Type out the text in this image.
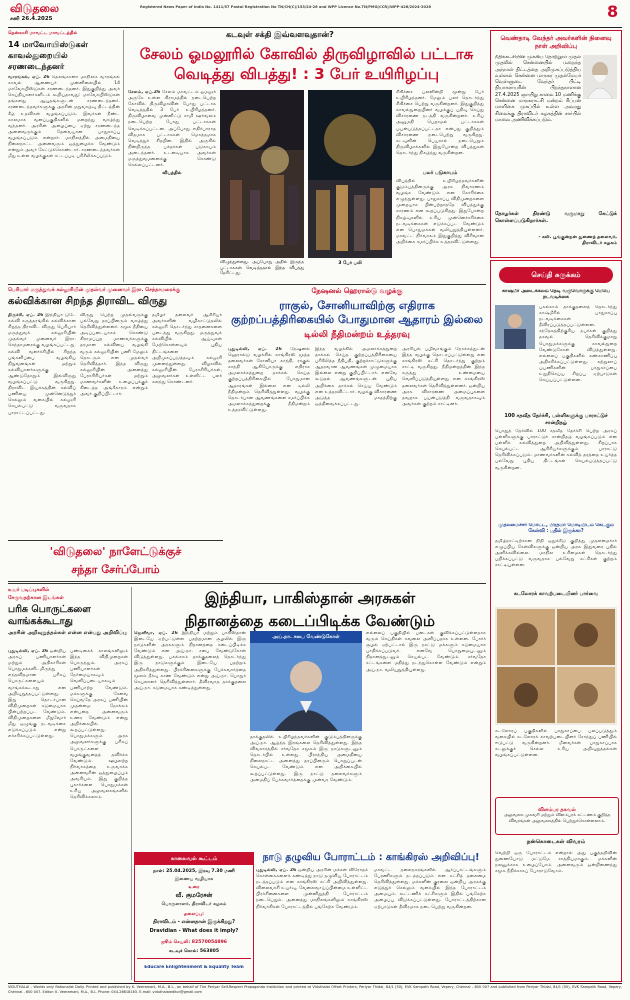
விடுதலை
சனி 26.4.2025
Registered News Paper of India No. 1411/57 Postal Registration No TN/CH(C)/153/24-26 and WPP Licence No.TN/PMG(CCR)/WPP-426/2024-2026	8
தென்காசி மாவட்ட மாவட்டத்தில்
14 மாவோயிஸ்டுகள் காவல்துறையில் சரணடைந்தனர்
வாரங்கல், ஏப். 26 தெலங்கானா மாநிலம் வாரங்கல் காவல் ஆணையர் முன்னிலையில் 14 மாவோயிஸ்டுகள் சரணடைந்தனர். இதுகுறித்து அவர் செய்தியாளர்களிடம் கூறியதாவது: மாவோயிஸ்டுகள் தங்களது ஆயுதங்களுடன் சரணடைந்தனர். சரணடைந்தவர்களுக்கு அரசின் மறுவாழ்வு திட்டத்தின் கீழ் உதவிகள் வழங்கப்படும். இவர்கள் நீண்ட காலமாக வனப்பகுதிகளில் மறைந்து வாழ்ந்து வந்தனர். அரசின் அழைப்பை ஏற்று சரணடைந்த அனைவருக்கும் தேவையான பாதுகாப்பு வழங்கப்படும் என்றார். மாநிலத்தில் அமைதியை நிலைநாட்ட அனைவரும் ஒத்துழைக்க வேண்டும் என்றும் அவர் கேட்டுக்கொண்டார். சரணடைந்தவர்கள் மீது உள்ள வழக்குகள் சட்டப்படி பரிசீலிக்கப்படும்.
கடவுள் சக்தி இவ்வளவுதான்?
சேலம் ஓமலூரில் கோவில் திருவிழாவில் பட்டாசு வெடித்து விபத்து! : 3 பேர் உயிரிழப்பு
சேலம், ஏப்.26 சேலம் மாவட்டம் ஓமலூர் அருகே உள்ள கிராமத்தில் நடைபெற்ற கோவில் திருவிழாவின் போது பட்டாசு வெடித்ததில் 3 பேர் உயிரிழந்தனர். திருவிழாவை முன்னிட்டு சாமி ஊர்வலம் நடைபெற்ற போது பட்டாசுகள் வெடிக்கப்பட்டன. அப்போது எதிர்பாராத விதமாக பட்டாசுகள் மொத்தமாக வெடித்துச் சிதறின. இதில் அருகில் நின்றிருந்த பக்தர்கள் படுகாயம் அடைந்தனர். உடனடியாக அவர்கள் மருத்துவமனைக்கு கொண்டு செல்லப்பட்டனர்.

விபத்தில்
விழுந்துள்ளது. அப்போது அதில் இருந்த பட்டாசுகள் வெடித்ததால் இந்த விபத்து நேரிட்டது.
3 பேர் பலி
சிகிச்சை பலனின்றி மூன்று பேர் உயிரிழந்தனர். மேலும் பலர் தொடர்ந்து சிகிச்சை பெற்று வருகின்றனர். இதுகுறித்து காவல்துறையினர் வழக்குப் பதிவு செய்து விசாரணை நடத்தி வருகின்றனர். உரிய அனுமதி பெறாமல் பட்டாசுகள் பயன்படுத்தப்பட்டதா என்பது குறித்தும் விசாரணை நடைபெற்று வருகிறது. கடவுளின் பெயரால் நடைபெறும் திருவிழாக்களில் இதுபோன்ற விபத்துகள் தொடர்ந்து நிகழ்ந்து வருகின்றன.
பலர் படுகாயம்
விபத்தில் உயிரிழந்தவர்களின் குடும்பத்தினருக்கு அரசு நிவாரணம் வழங்க வேண்டும் என கோரிக்கை எழுந்துள்ளது. பாதுகாப்பு விதிமுறைகளை முறையாக பின்பற்றாததே விபத்துக்கு காரணம் என கூறப்படுகிறது. இதுபோன்ற நிகழ்வுகளில் உரிய முன்னெச்சரிக்கை நடவடிக்கைகள் எடுக்கப்பட வேண்டும் என பொதுமக்கள் வலியுறுத்தியுள்ளனர். மாவட்ட நிர்வாகம் இதுகுறித்து விரிவான அறிக்கை சமர்ப்பிக்க உத்தரவிட்டுள்ளது.
வெண்தாடி வேந்தர் அவர்களின் நினைவு நாள் அறிவிப்பு
நீதிக்கட்சியின் முக்கிய தோற்றுநர் முதல் முதலில் சென்னையில் மறைந்த அந்நாள் திட்டத்தை அறிமுகப்படுத்திய வள்ளல் சென்னை மாநகர முதல்மேயர் வெள்ளுடை வேந்தர் பிட்டி தியாகராயரின் பிறந்தநாளான 27.4.2025 ஞாயிறு காலை 10 மணிக்கு சென்னை மாநகராட்சி மன்றம் ரிப்பன் மாளிகை முகப்பில் உள்ள அவரது சிலைக்கு திராவிடர் கழகத்தின் சார்பில் மாலை அணிவிக்கப்படும்.
தோழர்கள் திரண்டு வருமாறு கேட்டுக் கொள்ளப்படுகிறார்கள்.
- கலி. பூங்குன்றன் துணைத் தலைவர், திராவிடர் கழகம்
பெரியார் மருத்துவக் கல்லூரியின் முதல்வர் முனைவர் இரா. செந்தாமரைக்கு
கல்விக்கான சிறந்த திராவிட விருது
திருச்சி, ஏப். 26 இந்தியா டுடே கல்வி கருத்தரங்கில் கல்விக்கான சிறந்த திராவிட விருது பெரியார் மருத்துவக் கல்லூரியின் முதல்வர் முனைவர் இரா. செந்தாமரைக்கு வழங்கப்பட்டது. கல்வி வளர்ச்சியில் சிறந்த பங்களிப்பை வழங்கிய நிறுவனங்கள் மற்றும் கல்வியாளர்களுக்கு ஆண்டுதோறும் இவ்விருது வழங்கப்பட்டு வருகிறது. திராவிட இயக்கத்தின் கல்விப் பணியை முன்னெடுத்துச் செல்லும் வகையில் கல்லூரி செயல்பட்டு வருவதாக பாராட்டப்பட்டது.
விருது பெற்ற முதல்வருக்கு பல்வேறு தரப்பினரும் வாழ்த்து தெரிவித்துள்ளனர். சமூக நீதியை அடிப்படையாகக் கொண்டு கிராமப்புற மாணவர்களுக்கு தரமான கல்வியை வழங்கி வரும் கல்லூரியின் பணி மேலும் தொடரும் என முதல்வர் தெரிவித்தார். இந்த விருது கல்லூரியின் அனைத்து பேராசிரியர்கள் மற்றும் மாணவர்களின் உழைப்புக்குக் கிடைத்த அங்கீகாரம் என்றும் அவர் குறிப்பிட்டார்.
தமிழர் தலைவர் ஆசிரியர் அவர்களின் வழிகாட்டுதலில் கல்லூரி தொடர்ந்து சாதனைகளை படைத்து வருகிறது. மருத்துவக் கல்வியில் ஆய்வுகள் மேற்கொள்ளவும் புதிய திட்டங்களை அறிமுகப்படுத்தவும் கல்லூரி முனைந்துள்ளது. விழாவில் கல்லூரியின் பேராசிரியர்கள், அலுவலர்கள் உள்ளிட்ட பலர் கலந்து கொண்டனர்.
'விடுதலை' நாளேட்டுக்குச்
சந்தா சேர்ப்போம்
நேஷனல் ஹெரால்டு வழக்கு
ராகுல், சோனியாவிற்கு எதிராக குற்றப்பத்திரிகையில் போதுமான ஆதாரம் இல்லை
டில்லி நீதிமன்றம் உத்தரவு
புதுடில்லி, ஏப். 26 நேஷனல் ஹெரால்டு வழக்கில் காங்கிரஸ் மூத்த தலைவர்கள் சோனியா காந்தி, ராகுல் காந்தி ஆகியோருக்கு எதிராக அமலாக்கத்துறை தாக்கல் செய்த குற்றப்பத்திரிகையில் போதுமான ஆதாரங்கள் இல்லை என டில்லி நீதிமன்றம் தெரிவித்துள்ளது. வழக்கு தொடர்பான ஆவணங்களை சமர்ப்பிக்க அமலாக்கத்துறைக்கு நீதிமன்றம் உத்தரவிட்டுள்ளது.
இந்த வழக்கில் அமலாக்கத்துறை தாக்கல் செய்த குற்றப்பத்திரிகையை பரிசீலித்த நீதிபதி, குற்றச்சாட்டுகளுக்கு ஆதரவான ஆவணங்கள் முழுமையாக இல்லை என்று குறிப்பிட்டார். எனவே கூடுதல் ஆவணங்களுடன் புதிய அறிக்கை தாக்கல் செய்ய வேண்டும் என உத்தரவிட்டார். வழக்கு விசாரணை அடுத்த மாதத்திற்கு ஒத்திவைக்கப்பட்டது.
அரசியல் பழிவாங்கும் நோக்கத்துடன் இந்த வழக்கு தொடரப்பட்டுள்ளது என காங்கிரஸ் கட்சி தொடர்ந்து குற்றம் சாட்டி வருகிறது. நீதிமன்றத்தின் இந்த கருத்து உண்மையை வெளிப்படுத்தியுள்ளது என காங்கிரஸ் தலைவர்கள் தெரிவித்துள்ளனர். ஒன்றிய அரசு விசாரணை அமைப்புகளை தவறாக பயன்படுத்தி வருவதாகவும் அவர்கள் குற்றம் சாட்டினர்.
செய்தி சுருக்கம்
காஷ்மீர் அடைக்கலம் தேடி வருவோருக்கு மேயே நடவடிக்கை
பகல்காம் தாக்குதலைத் தொடர்ந்து காஷ்மீரில் பாதுகாப்பு நடவடிக்கைகள் தீவிரப்படுத்தப்பட்டுள்ளன. சந்தேகத்திற்குரிய நபர்கள் குறித்து தகவல் தெரிவிக்குமாறு பொதுமக்களுக்கு காவல்துறை வேண்டுகோள் விடுத்துள்ளது. எல்லைப் பகுதிகளில் கண்காணிப்பு அதிகரிக்கப்பட்டுள்ளது. சுற்றுலாப் பயணிகளின் பாதுகாப்பை உறுதிசெய்ய சிறப்பு ஏற்பாடுகள் செய்யப்பட்டுள்ளன.
100 சதவீத தேர்ச்சி, பள்ளிகளுக்கு பாராட்டுச் சான்றிதழ்
பொதுத் தேர்வில் 100 சதவீத தேர்ச்சி பெற்ற அரசுப் பள்ளிகளுக்கு பாராட்டுச் சான்றிதழ் வழங்கப்படும் என பள்ளிக் கல்வித்துறை அறிவித்துள்ளது. சிறப்பாக செயல்பட்ட ஆசிரியர்களுக்கும் பாராட்டு தெரிவிக்கப்படும். மாணவர்களின் கல்வித் தரத்தை உயர்த்த பல்வேறு புதிய திட்டங்கள் செயல்படுத்தப்பட்டு வருகின்றன.
முதலமைச்சர் மோட்ட, பிரதமர் மோடியிடம் கேட்கும் கேள்வி : பதில் இருக்கா?
தமிழ்நாட்டிற்கான நிதி ஒதுக்கீடு குறித்து முதலமைச்சர் எழுப்பிய கேள்விகளுக்கு ஒன்றிய அரசு இதுவரை பதில் அளிக்கவில்லை. மாநில உரிமைகள் தொடர்ந்து பறிக்கப்பட்டு வருவதாக பல்வேறு கட்சிகள் குற்றம் சாட்டியுள்ளன.
கடலோரக் காவற்படையினர் பார்வை
கடலோரப் பகுதிகளில் பாதுகாப்பை பலப்படுத்தும் வகையில் கடலோரக் காவற்படையினர் ரோந்துப் பணியில் ஈடுபட்டு வருகின்றனர். மீனவர்கள் பாதுகாப்பாக கடலுக்குச் செல்ல உரிய அறிவுறுத்தல்கள் வழங்கப்பட்டுள்ளன.
விளம்பர தகவல்
அலுவலக முகவரி மற்றும் விளம்பரக் கட்டணம் குறித்த விவரங்கள் அலுவலகத்தில் பெற்றுக்கொள்ளலாம்.
நன்கொடைகள் விவரம்
வெற்றி ஒரு போராட்டம் என்றால் அது பகுத்தறிவின் துணையோடு மட்டுமே சாத்தியமாகும். மக்களின் நலனுக்காக உழைப்போம். அனைவரும் ஒன்றிணைந்து சமூக நீதிக்காகப் போராடுவோம்.
உயர் படிப்புகளில்
சேருவதற்கான இடங்கள்
பரிசு பொருட்களை வாங்கக்கூடாது
அரசின் அறிவுறுத்தல்கள் என்ன என்பது அறிவிப்பு
புதுடில்லி, ஏப். 26 ஒன்றிய அரசுப் பணியாளர்கள் மற்றும் அதிகாரிகள் பொதுமக்களிடமிருந்து எந்தவிதமான பரிசுப் பொருட்களையும் வாங்கக்கூடாது என அறிவுறுத்தப்பட்டுள்ளது. இது தொடர்பான விதிமுறைகள் கடுமையாக பின்பற்றப்பட வேண்டும். விதிமுறைகளை மீறுவோர் மீது ஒழுங்கு நடவடிக்கை எடுக்கப்படும் என்று எச்சரிக்கப்பட்டுள்ளது.
பண்டிகைக் காலங்களிலும் இந்த விதிமுறைகள் பொருந்தும். அரசுப் பணியாளர்கள் நேர்மையாகவும் வெளிப்படையாகவும் பணியாற்ற வேண்டும். மக்களுக்கு சேவை செய்வதே அரசுப் பணியின் முதன்மை நோக்கம் என்பதை அனைவரும் உணர வேண்டும் என்று அறிக்கையில் கூறப்பட்டுள்ளது. பொதுமக்களும் அரசு அலுவலர்களுக்கு பரிசுப் பொருட்களை வழங்குவதைத் தவிர்க்க வேண்டும். ஊழலற்ற நிர்வாகத்தை உருவாக்க அனைவரின் ஒத்துழைப்பும் அவசியம். இது குறித்த புகார்களை பொதுமக்கள் உரிய அலுவலகங்களில் தெரிவிக்கலாம்.
இந்தியா, பாகிஸ்தான் அரசுகள்
நிதானத்தை கடைப்பிடிக்க வேண்டும்
ஜெனீவா, ஏப். 26 இந்தியா மற்றும் பாகிஸ்தான் இடையே ஏற்பட்டுள்ள பதற்றமான சூழலில் இரு நாடுகளின் அரசுகளும் நிதானத்தை கடைப்பிடிக்க வேண்டும் என அய்.நா. சபை வேண்டுகோள் விடுத்துள்ளது. பகல்காம் தாக்குதலைத் தொடர்ந்து இரு நாடுகளுக்கும் இடையே பதற்றம் அதிகரித்துள்ளது. பிரச்சினைகளுக்கு பேச்சுவார்த்தை மூலம் தீர்வு காண வேண்டும் என்று அய்.நா. பொதுச் செயலாளர் தெரிவித்துள்ளார். தீவிரவாத தாக்குதலை அய்.நா. கடுமையாக கண்டித்துள்ளது.
அய்.நா. சபை வேண்டுகோள்
தாக்குதலில் உயிரிழந்தவர்களின் குடும்பத்தினருக்கு அய்.நா. ஆழ்ந்த இரங்கலை தெரிவித்துள்ளது. இந்த விவகாரத்தில் சர்வதேச சமூகம் இரு நாடுகளுடனும் தொடர்பில் உள்ளது. பிராந்திய அமைதியை நிலைநாட்ட அனைத்து தரப்பினரும் பொறுப்புடன் செயல்பட வேண்டும் என அறிக்கையில் கூறப்பட்டுள்ளது. இரு நாட்டு தலைவர்களும் அமைதிப் பேச்சுவார்த்தைக்கு முன்வர வேண்டும்.
எல்லைப் பகுதியில் படைகள் குவிக்கப்பட்டுள்ளதாக வரும் செய்திகள் கவலை அளிப்பதாக உள்ளன. போர்ச் சூழல் ஏற்பட்டால் இரு நாட்டு மக்களும் கடுமையாக பாதிக்கப்படுவர். எனவே பொறுமையுடனும் நிதானத்துடனும் செயல்பட வேண்டும். சர்வதேச சட்டங்களை மதித்து நடந்துகொள்ள வேண்டும் என்றும் அய்.நா. வலியுறுத்தியுள்ளது.
காலைவல் கூட்டம்
நாள்: 25.04.2025, இரவு 7.30 மணி
இணைய வழியாக
உரை
வீ. குமரேசன்
பொருளாளர், திராவிடர் கழகம்
தலைப்பு:
திராவிடம் - என்னதான் இருக்கிறது?
Dravidian - What does it imply?
ஜூம் செயலி: 82570054896
கடவுச் சொல்: 563805
Educare Enlightenment & Equality Team
நாடு தழுவிய போராட்டம் : காங்கிரஸ் அறிவிப்பு!
புதுடில்லி, ஏப். 26 ஒன்றிய அரசின் மக்கள் விரோதக் கொள்கைகளைக் கண்டித்து நாடு தழுவிய போராட்டம் நடத்தப்படும் என காங்கிரஸ் கட்சி அறிவித்துள்ளது. விலைவாசி உயர்வு, வேலைவாய்ப்பின்மை உள்ளிட்ட பிரச்சினைகளை முன்னிறுத்தி போராட்டம் நடைபெறும். அனைத்து மாநிலங்களிலும் காங்கிரஸ் நிர்வாகிகள் போராட்டத்தில் பங்கேற்க வேண்டும்.
மாவட்ட தலைநகரங்களில் ஆர்ப்பாட்டங்களும் பேரணிகளும் நடத்தப்படும் என கட்சித் தலைமை தெரிவித்துள்ளது. மக்களின் குரலை ஒன்றிய அரசுக்கு எடுத்துச் செல்லும் வகையில் இந்த போராட்டம் அமையும். கூட்டணிக் கட்சிகளும் இதில் பங்கேற்க அழைப்பு விடுக்கப்பட்டுள்ளது. போராட்டத்திற்கான ஏற்பாடுகள் தீவிரமாக நடைபெற்று வருகின்றன.
VIDUTHALAI - Worlds only Rationalist Daily. Printed and published by K. Veeramani, M.A., B.L., on behalf of The Periyar Self-Respect Propaganda Institution and printed at Viduthalai Offset Printers, Periyar Thidal, 84/1 (50), EVK Sampath Road, Vepery, Chennai - 600 007 and published from Periyar Thidal, 84/1 (50), EVK Sampath Road, Vepery, Chennai - 600 007. Editor: K. Veeramani, M.A., B.L. Phone: 044-26618163. E-mail: viduthalaieditor@gmail.com
